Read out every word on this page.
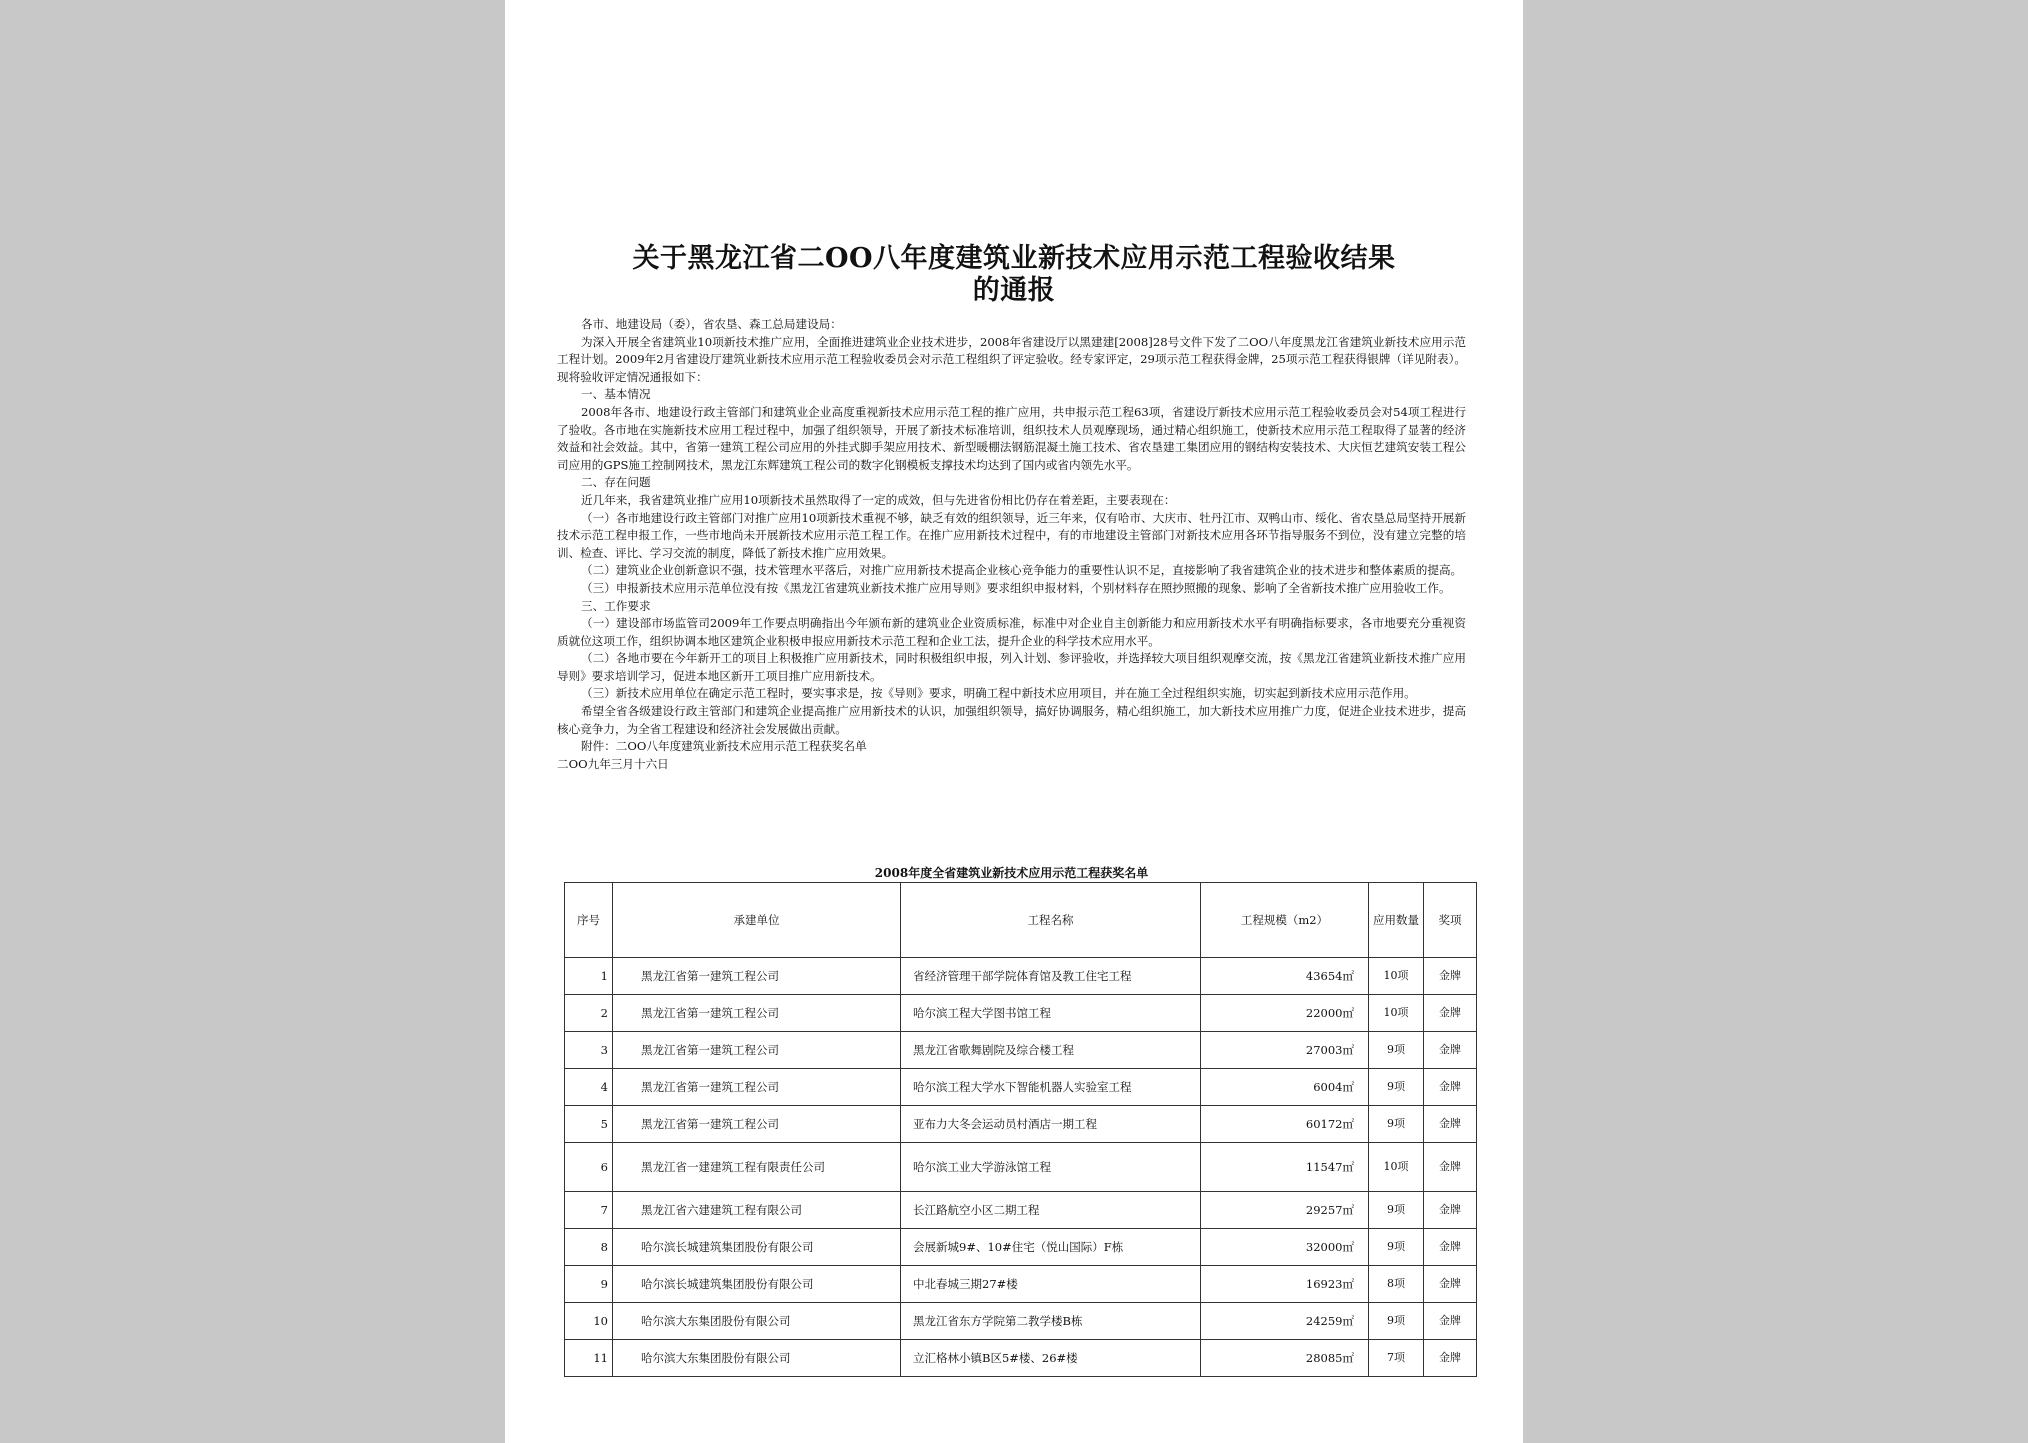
关于黑龙江省二OO八年度建筑业新技术应用示范工程验收结果
的通报

各市、地建设局（委），省农垦、森工总局建设局：

为深入开展全省建筑业10项新技术推广应用，全面推进建筑业企业技术进步，2008年省建设厅以黑建建[2008]28号文件下发了二OO八年度黑龙江省建筑业新技术应用示范工程计划。2009年2月省建设厅建筑业新技术应用示范工程验收委员会对示范工程组织了评定验收。经专家评定，29项示范工程获得金牌，25项示范工程获得银牌（详见附表）。现将验收评定情况通报如下：

一、基本情况

2008年各市、地建设行政主管部门和建筑业企业高度重视新技术应用示范工程的推广应用，共申报示范工程63项，省建设厅新技术应用示范工程验收委员会对54项工程进行了验收。各市地在实施新技术应用工程过程中，加强了组织领导，开展了新技术标准培训，组织技术人员观摩现场，通过精心组织施工，使新技术应用示范工程取得了显著的经济效益和社会效益。其中，省第一建筑工程公司应用的外挂式脚手架应用技术、新型暖棚法钢筋混凝土施工技术、省农垦建工集团应用的钢结构安装技术、大庆恒艺建筑安装工程公司应用的GPS施工控制网技术，黑龙江东辉建筑工程公司的数字化钢模板支撑技术均达到了国内或省内领先水平。

二、存在问题

近几年来，我省建筑业推广应用10项新技术虽然取得了一定的成效，但与先进省份相比仍存在着差距，主要表现在：

（一）各市地建设行政主管部门对推广应用10项新技术重视不够，缺乏有效的组织领导，近三年来，仅有哈市、大庆市、牡丹江市、双鸭山市、绥化、省农垦总局坚持开展新技术示范工程申报工作，一些市地尚未开展新技术应用示范工程工作。在推广应用新技术过程中，有的市地建设主管部门对新技术应用各环节指导服务不到位，没有建立完整的培训、检查、评比、学习交流的制度，降低了新技术推广应用效果。

（二）建筑业企业创新意识不强，技术管理水平落后，对推广应用新技术提高企业核心竞争能力的重要性认识不足，直接影响了我省建筑企业的技术进步和整体素质的提高。

（三）申报新技术应用示范单位没有按《黑龙江省建筑业新技术推广应用导则》要求组织申报材料，个别材料存在照抄照搬的现象、影响了全省新技术推广应用验收工作。

三、工作要求

（一）建设部市场监管司2009年工作要点明确指出今年颁布新的建筑业企业资质标准，标准中对企业自主创新能力和应用新技术水平有明确指标要求，各市地要充分重视资质就位这项工作，组织协调本地区建筑企业积极申报应用新技术示范工程和企业工法，提升企业的科学技术应用水平。

（二）各地市要在今年新开工的项目上积极推广应用新技术，同时积极组织申报，列入计划、参评验收，并选择较大项目组织观摩交流，按《黑龙江省建筑业新技术推广应用导则》要求培训学习，促进本地区新开工项目推广应用新技术。

（三）新技术应用单位在确定示范工程时，要实事求是，按《导则》要求，明确工程中新技术应用项目，并在施工全过程组织实施，切实起到新技术应用示范作用。

希望全省各级建设行政主管部门和建筑企业提高推广应用新技术的认识，加强组织领导，搞好协调服务，精心组织施工，加大新技术应用推广力度，促进企业技术进步，提高核心竞争力，为全省工程建设和经济社会发展做出贡献。

附件：二OO八年度建筑业新技术应用示范工程获奖名单

二OO九年三月十六日

2008年度全省建筑业新技术应用示范工程获奖名单
序号	承建单位	工程名称	工程规模（m2）	应用数量	奖项
1	黑龙江省第一建筑工程公司	省经济管理干部学院体育馆及教工住宅工程	43654㎡	10项	金牌
2	黑龙江省第一建筑工程公司	哈尔滨工程大学图书馆工程	22000㎡	10项	金牌
3	黑龙江省第一建筑工程公司	黑龙江省歌舞剧院及综合楼工程	27003㎡	9项	金牌
4	黑龙江省第一建筑工程公司	哈尔滨工程大学水下智能机器人实验室工程	6004㎡	9项	金牌
5	黑龙江省第一建筑工程公司	亚布力大冬会运动员村酒店一期工程	60172㎡	9项	金牌
6	黑龙江省一建建筑工程有限责任公司	哈尔滨工业大学游泳馆工程	11547㎡	10项	金牌
7	黑龙江省六建建筑工程有限公司	长江路航空小区二期工程	29257㎡	9项	金牌
8	哈尔滨长城建筑集团股份有限公司	会展新城9#、10#住宅（悦山国际）F栋	32000㎡	9项	金牌
9	哈尔滨长城建筑集团股份有限公司	中北春城三期27#楼	16923㎡	8项	金牌
10	哈尔滨大东集团股份有限公司	黑龙江省东方学院第二教学楼B栋	24259㎡	9项	金牌
11	哈尔滨大东集团股份有限公司	立汇格林小镇B区5#楼、26#楼	28085㎡	7项	金牌
